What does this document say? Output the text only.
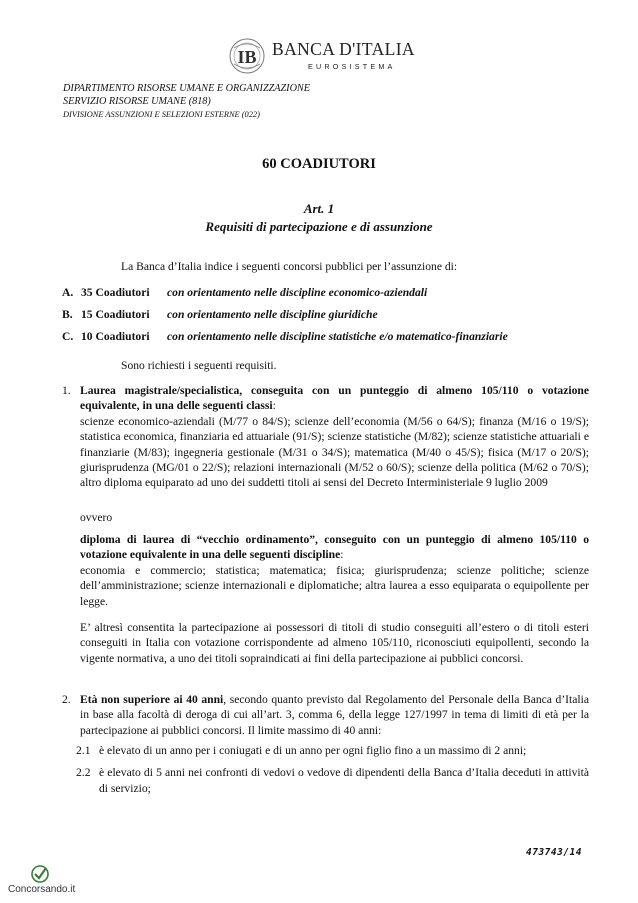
IB BANCA D'ITALIA
EUROSISTEMA
DIPARTIMENTO RISORSE UMANE E ORGANIZZAZIONE
SERVIZIO RISORSE UMANE (818)
DIVISIONE ASSUNZIONI E SELEZIONI ESTERNE (022)
60 COADIUTORI
Art. 1
Requisiti di partecipazione e di assunzione
La Banca d’Italia indice i seguenti concorsi pubblici per l’assunzione di:
A. 35 Coadiutori con orientamento nelle discipline economico-aziendali
B. 15 Coadiutori con orientamento nelle discipline giuridiche
C. 10 Coadiutori con orientamento nelle discipline statistiche e/o matematico-finanziarie
Sono richiesti i seguenti requisiti.
1. Laurea magistrale/specialistica, conseguita con un punteggio di almeno 105/110 o votazione equivalente, in una delle seguenti classi:
scienze economico-aziendali (M/77 o 84/S); scienze dell’economia (M/56 o 64/S); finanza (M/16 o 19/S); statistica economica, finanziaria ed attuariale (91/S); scienze statistiche (M/82); scienze statistiche attuariali e finanziarie (M/83); ingegneria gestionale (M/31 o 34/S); matematica (M/40 o 45/S); fisica (M/17 o 20/S); giurisprudenza (MG/01 o 22/S); relazioni internazionali (M/52 o 60/S); scienze della politica (M/62 o 70/S); altro diploma equiparato ad uno dei suddetti titoli ai sensi del Decreto Interministeriale 9 luglio 2009
ovvero
diploma di laurea di “vecchio ordinamento”, conseguito con un punteggio di almeno 105/110 o votazione equivalente in una delle seguenti discipline:
economia e commercio; statistica; matematica; fisica; giurisprudenza; scienze politiche; scienze dell’amministrazione; scienze internazionali e diplomatiche; altra laurea a esso equiparata o equipollente per legge.
E’ altresì consentita la partecipazione ai possessori di titoli di studio conseguiti all’estero o di titoli esteri conseguiti in Italia con votazione corrispondente ad almeno 105/110, riconosciuti equipollenti, secondo la vigente normativa, a uno dei titoli sopraindicati ai fini della partecipazione ai pubblici concorsi.
2. Età non superiore ai 40 anni, secondo quanto previsto dal Regolamento del Personale della Banca d’Italia in base alla facoltà di deroga di cui all’art. 3, comma 6, della legge 127/1997 in tema di limiti di età per la partecipazione ai pubblici concorsi. Il limite massimo di 40 anni:
2.1 è elevato di un anno per i coniugati e di un anno per ogni figlio fino a un massimo di 2 anni;
2.2 è elevato di 5 anni nei confronti di vedovi o vedove di dipendenti della Banca d’Italia deceduti in attività di servizio;
473743/14
Concorsando.it
